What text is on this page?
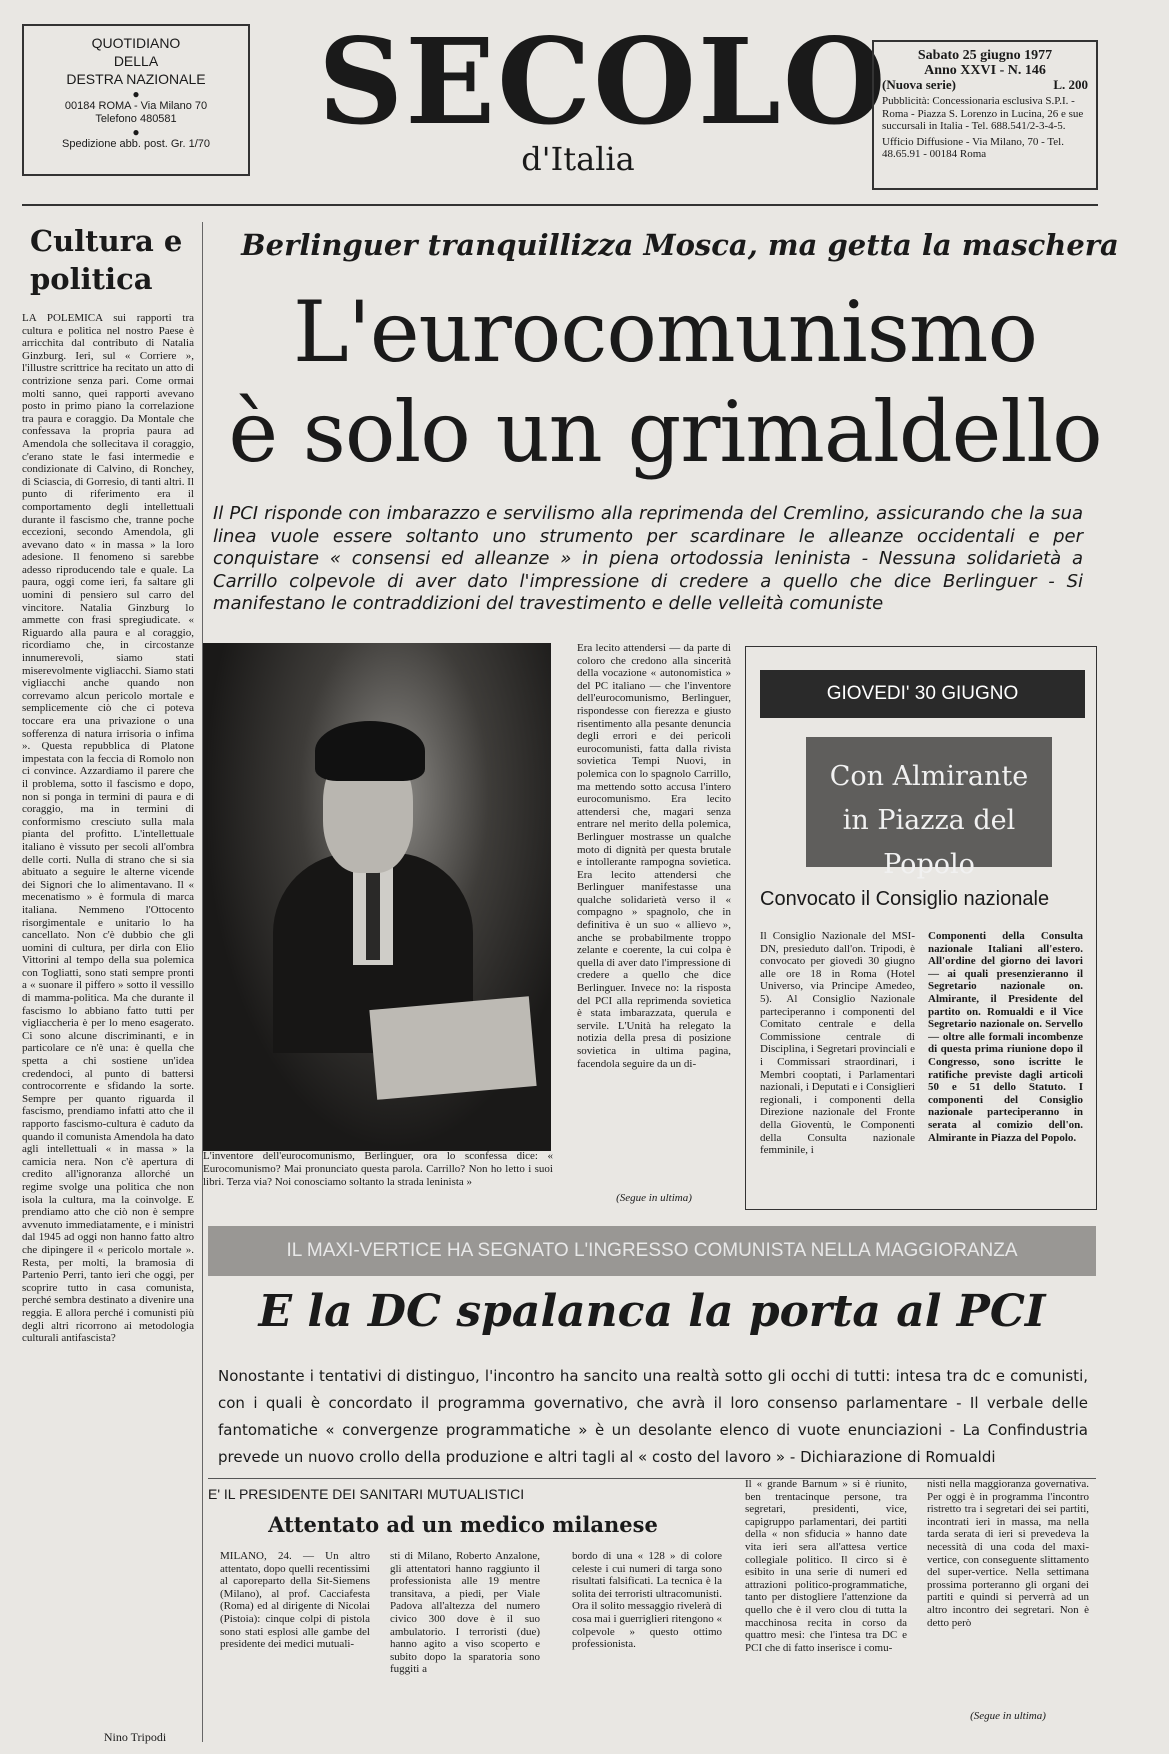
QUOTIDIANO
DELLA
DESTRA NAZIONALE
●
00184 ROMA - Via Milano 70
Telefono 480581
●
Spedizione abb. post. Gr. 1/70 SECOLO
d'Italia
Sabato 25 giugno 1977
Anno XXVI - N. 146
(Nuova serie)	L. 200
Pubblicità: Concessionaria esclusiva S.P.I. - Roma - Piazza S. Lorenzo in Lucina, 26 e sue succursali in Italia - Tel. 688.541/2-3-4-5.
Ufficio Diffusione - Via Milano, 70 - Tel. 48.65.91 - 00184 Roma
Cultura e politica
LA POLEMICA sui rapporti tra cultura e politica nel nostro Paese è arricchita dal contributo di Natalia Ginzburg. Ieri, sul « Corriere », l'illustre scrittrice ha recitato un atto di contrizione senza pari. Come ormai molti sanno, quei rapporti avevano posto in primo piano la correlazione tra paura e coraggio. Da Montale che confessava la propria paura ad Amendola che sollecitava il coraggio, c'erano state le fasi intermedie e condizionate di Calvino, di Ronchey, di Sciascia, di Gorresio, di tanti altri. Il punto di riferimento era il comportamento degli intellettuali durante il fascismo che, tranne poche eccezioni, secondo Amendola, gli avevano dato « in massa » la loro adesione. Il fenomeno si sarebbe adesso riproducendo tale e quale. La paura, oggi come ieri, fa saltare gli uomini di pensiero sul carro del vincitore. Natalia Ginzburg lo ammette con frasi spregiudicate. « Riguardo alla paura e al coraggio, ricordiamo che, in circostanze innumerevoli, siamo stati miserevolmente vigliacchi. Siamo stati vigliacchi anche quando non correvamo alcun pericolo mortale e semplicemente ciò che ci poteva toccare era una privazione o una sofferenza di natura irrisoria o infima ». Questa repubblica di Platone impestata con la feccia di Romolo non ci convince. Azzardiamo il parere che il problema, sotto il fascismo e dopo, non si ponga in termini di paura e di coraggio, ma in termini di conformismo cresciuto sulla mala pianta del profitto. L'intellettuale italiano è vissuto per secoli all'ombra delle corti. Nulla di strano che si sia abituato a seguire le alterne vicende dei Signori che lo alimentavano. Il « mecenatismo » è formula di marca italiana. Nemmeno l'Ottocento risorgimentale e unitario lo ha cancellato. Non c'è dubbio che gli uomini di cultura, per dirla con Elio Vittorini al tempo della sua polemica con Togliatti, sono stati sempre pronti a « suonare il piffero » sotto il vessillo di mamma-politica. Ma che durante il fascismo lo abbiano fatto tutti per vigliaccheria è per lo meno esagerato. Ci sono alcune discriminanti, e in particolare ce n'è una: è quella che spetta a chi sostiene un'idea credendoci, al punto di battersi controcorrente e sfidando la sorte. Sempre per quanto riguarda il fascismo, prendiamo infatti atto che il rapporto fascismo-cultura è caduto da quando il comunista Amendola ha dato agli intellettuali « in massa » la camicia nera. Non c'è apertura di credito all'ignoranza allorché un regime svolge una politica che non isola la cultura, ma la coinvolge. E prendiamo atto che ciò non è sempre avvenuto immediatamente, e i ministri dal 1945 ad oggi non hanno fatto altro che dipingere il « pericolo mortale ». Resta, per molti, la bramosia di Partenio Perri, tanto ieri che oggi, per scoprire tutto in casa comunista, perché sembra destinato a divenire una reggia. E allora perché i comunisti più degli altri ricorrono ai metodologia culturali antifascista?
Nino Tripodi
Berlinguer tranquillizza Mosca, ma getta la maschera
L'eurocomunismo
è solo un grimaldello
Il PCI risponde con imbarazzo e servilismo alla reprimenda del Cremlino, assicurando che la sua linea vuole essere soltanto uno strumento per scardinare le alleanze occidentali e per conquistare « consensi ed alleanze » in piena ortodossia leninista - Nessuna solidarietà a Carrillo colpevole di aver dato l'impressione di credere a quello che dice Berlinguer - Si manifestano le contraddizioni del travestimento e delle velleità comuniste
L'inventore dell'eurocomunismo, Berlinguer, ora lo sconfessa dice: « Eurocomunismo? Mai pronunciato questa parola. Carrillo? Non ho letto i suoi libri. Terza via? Noi conosciamo soltanto la strada leninista »
Era lecito attendersi — da parte di coloro che credono alla sincerità della vocazione « autonomistica » del PC italiano — che l'inventore dell'eurocomunismo, Berlinguer, rispondesse con fierezza e giusto risentimento alla pesante denuncia degli errori e dei pericoli eurocomunisti, fatta dalla rivista sovietica Tempi Nuovi, in polemica con lo spagnolo Carrillo, ma mettendo sotto accusa l'intero eurocomunismo. Era lecito attendersi che, magari senza entrare nel merito della polemica, Berlinguer mostrasse un qualche moto di dignità per questa brutale e intollerante rampogna sovietica. Era lecito attendersi che Berlinguer manifestasse una qualche solidarietà verso il « compagno » spagnolo, che in definitiva è un suo « allievo », anche se probabilmente troppo zelante e coerente, la cui colpa è quella di aver dato l'impressione di credere a quello che dice Berlinguer. Invece no: la risposta del PCI alla reprimenda sovietica è stata imbarazzata, querula e servile. L'Unità ha relegato la notizia della presa di posizione sovietica in ultima pagina, facendola seguire da un di-
(Segue in ultima)
GIOVEDI' 30 GIUGNO
Con Almirante
in Piazza del Popolo
Convocato il Consiglio nazionale
Il Consiglio Nazionale del MSI-DN, presieduto dall'on. Tripodi, è convocato per giovedì 30 giugno alle ore 18 in Roma (Hotel Universo, via Principe Amedeo, 5). Al Consiglio Nazionale parteciperanno i componenti del Comitato centrale e della Commissione centrale di Disciplina, i Segretari provinciali e i Commissari straordinari, i Membri cooptati, i Parlamentari nazionali, i Deputati e i Consiglieri regionali, i componenti della Direzione nazionale del Fronte della Gioventù, le Componenti della Consulta nazionale femminile, i
Componenti della Consulta nazionale Italiani all'estero. All'ordine del giorno dei lavori — ai quali presenzieranno il Segretario nazionale on. Almirante, il Presidente del partito on. Romualdi e il Vice Segretario nazionale on. Servello — oltre alle formali incombenze di questa prima riunione dopo il Congresso, sono iscritte le ratifiche previste dagli articoli 50 e 51 dello Statuto. I componenti del Consiglio nazionale parteciperanno in serata al comizio dell'on. Almirante in Piazza del Popolo.
IL MAXI-VERTICE HA SEGNATO L'INGRESSO COMUNISTA NELLA MAGGIORANZA
E la DC spalanca la porta al PCI
Nonostante i tentativi di distinguo, l'incontro ha sancito una realtà sotto gli occhi di tutti: intesa tra dc e comunisti, con i quali è concordato il programma governativo, che avrà il loro consenso parlamentare - Il verbale delle fantomatiche « convergenze programmatiche » è un desolante elenco di vuote enunciazioni - La Confindustria prevede un nuovo crollo della produzione e altri tagli al « costo del lavoro » - Dichiarazione di Romualdi
E' IL PRESIDENTE DEI SANITARI MUTUALISTICI
Attentato ad un medico milanese
MILANO, 24. — Un altro attentato, dopo quelli recentissimi al caporeparto della Sit-Siemens (Milano), al prof. Cacciafesta (Roma) ed al dirigente di Nicolai (Pistoia): cinque colpi di pistola sono stati esplosi alle gambe del presidente dei medici mutuali-
sti di Milano, Roberto Anzalone, gli attentatori hanno raggiunto il professionista alle 19 mentre transitava, a piedi, per Viale Padova all'altezza del numero civico 300 dove è il suo ambulatorio. I terroristi (due) hanno agito a viso scoperto e subito dopo la sparatoria sono fuggiti a
bordo di una « 128 » di colore celeste i cui numeri di targa sono risultati falsificati. La tecnica è la solita dei terroristi ultracomunisti. Ora il solito messaggio rivelerà di cosa mai i guerriglieri ritengono « colpevole » questo ottimo professionista.
Il « grande Barnum » si è riunito, ben trentacinque persone, tra segretari, presidenti, vice, capigruppo parlamentari, dei partiti della « non sfiducia » hanno date vita ieri sera all'attesa vertice collegiale politico. Il circo si è esibito in una serie di numeri ed attrazioni politico-programmatiche, tanto per distogliere l'attenzione da quello che è il vero clou di tutta la macchinosa recita in corso da quattro mesi: che l'intesa tra DC e PCI che di fatto inserisce i comu-
nisti nella maggioranza governativa. Per oggi è in programma l'incontro ristretto tra i segretari dei sei partiti, incontrati ieri in massa, ma nella tarda serata di ieri si prevedeva la necessità di una coda del maxi-vertice, con conseguente slittamento del super-vertice. Nella settimana prossima porteranno gli organi dei partiti e quindi si perverrà ad un altro incontro dei segretari. Non è detto però
(Segue in ultima)
